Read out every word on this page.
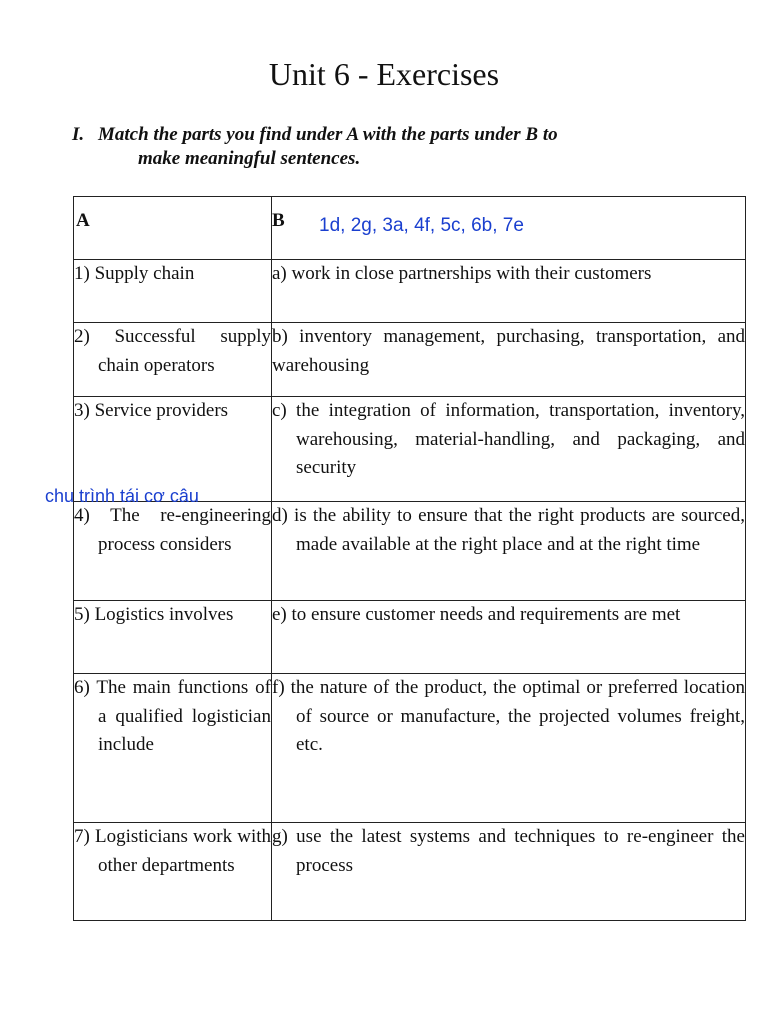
Unit 6 - Exercises

I. Match the parts you find under A with the parts under B to
make meaningful sentences.

A	B 1d, 2g, 3a, 4f, 5c, 6b, 7e

1) Supply chain	a) work in close partnerships with their customers

2) Successful supply chain operators	b) inventory management, purchasing, transportation, and warehousing

3) Service providers	c) the integration of information, transportation, inventory, warehousing, material-handling, and packaging, and security

4) The re-engineering process considers	d) is the ability to ensure that the right products are sourced, made available at the right place and at the right time

5) Logistics involves	e) to ensure customer needs and requirements are met

6) The main functions of a qualified logistician include	f) the nature of the product, the optimal or preferred location of source or manufacture, the projected volumes freight, etc.

7) Logisticians work with other departments	g) use the latest systems and techniques to re-engineer the process
chu trình tái cơ câu
